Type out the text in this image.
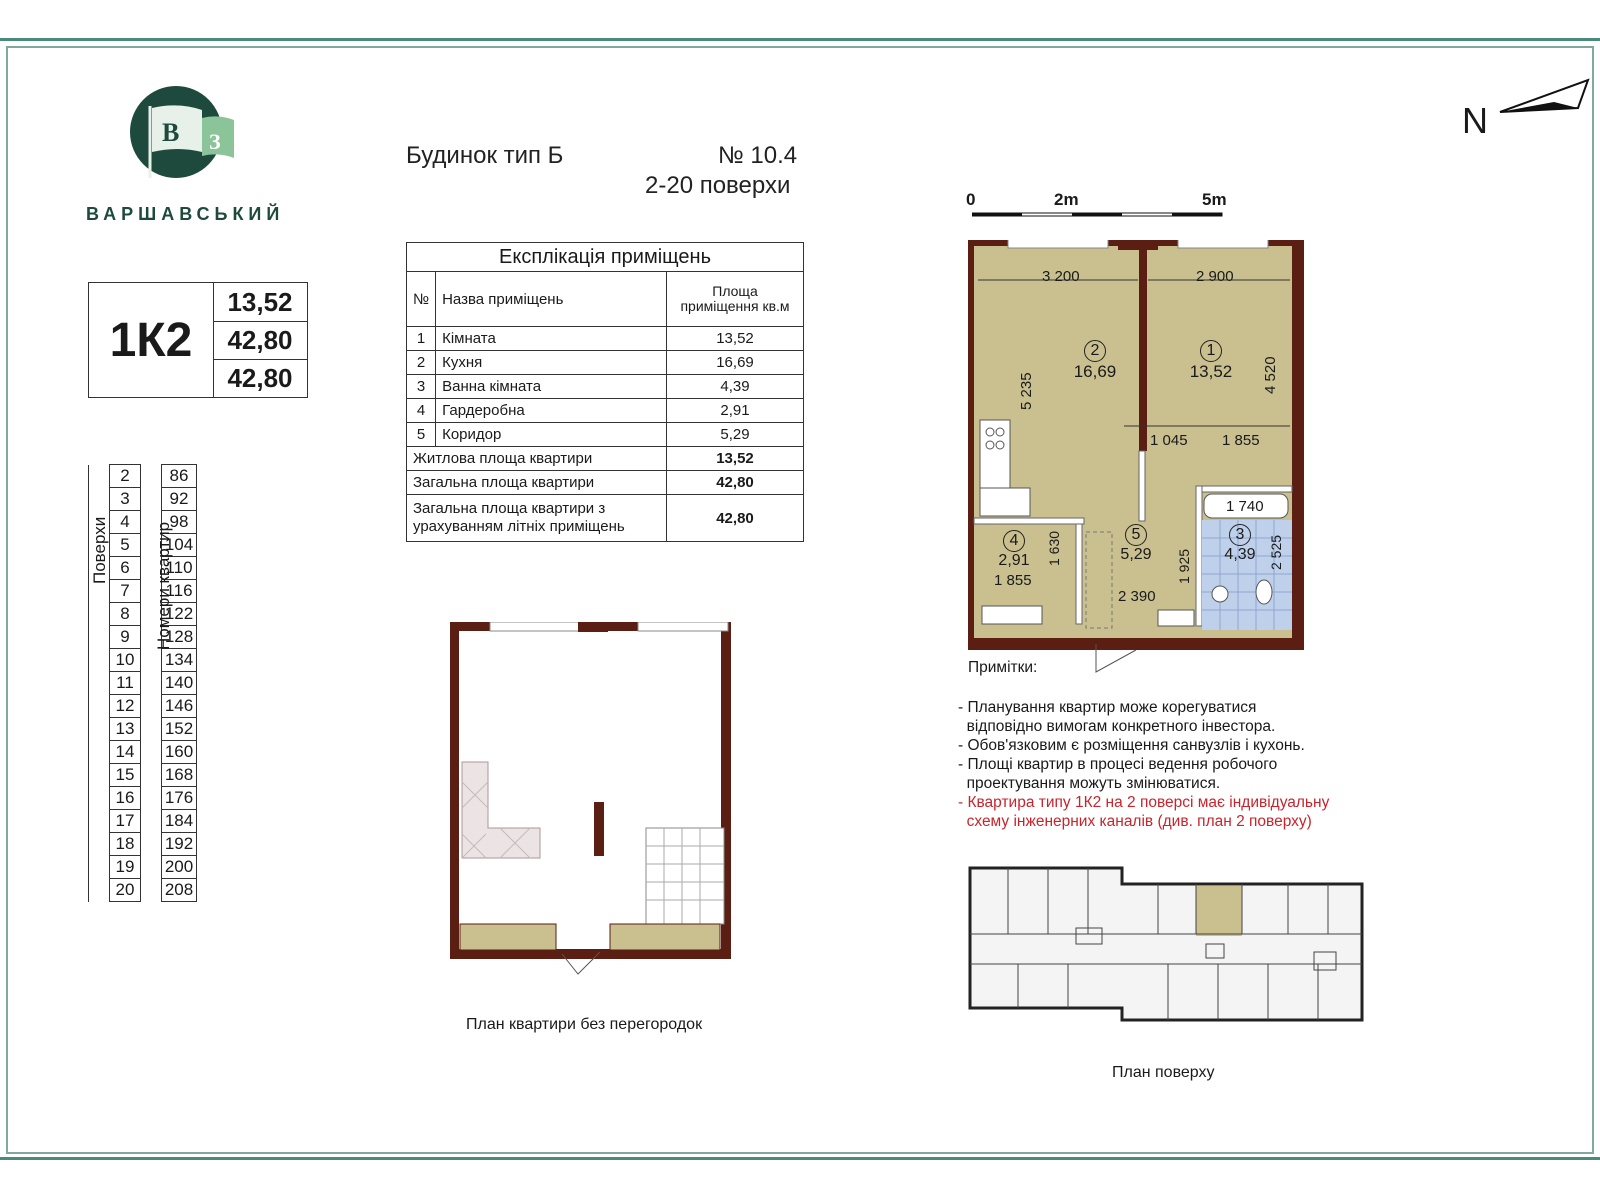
В З
ВАРШАВСЬКИЙ
Будинок тип Б	№ 10.4
2-20 поверхи
1К2
13,52
42,80
42,80
	2		86
	3		92
	4		98
	5		104
	6		110
	7		116
	8		122
	9		128
	10		134
	11		140
	12		146
	13		152
	14		160
	15		168
	16		176
	17		184
	18		192
	19		200
	20		208
Поверхи	Номери квартир
Експлікація приміщень		
№	Назва приміщень	Площа приміщення кв.м
1	Кімната	13,52
2	Кухня	16,69
3	Ванна кімната	4,39
4	Гардеробна	2,91
5	Коридор	5,29
Житлова площа квартири		13,52
Загальна площа квартири		42,80
Загальна площа квартири з урахуванням літніх приміщень		42,80
N
0	2m	5m
3 200	2 900
5 235	4 520
1 045 1 855
1 740
2 525
1 630
1 855	1 925
2 390
2
16,69
1
13,52
3
4,39
4
2,91
5
5,29
План квартири без перегородок
Примітки:
- Планування квартир може корегуватися
відповідно вимогам конкретного інвестора.
- Обов'язковим є розміщення санвузлів і кухонь.
- Площі квартир в процесі ведення робочого
проектування можуть змінюватися.
- Квартира типу 1К2 на 2 поверсі має індивідуальну
схему інженерних каналів (див. план 2 поверху)
План поверху
